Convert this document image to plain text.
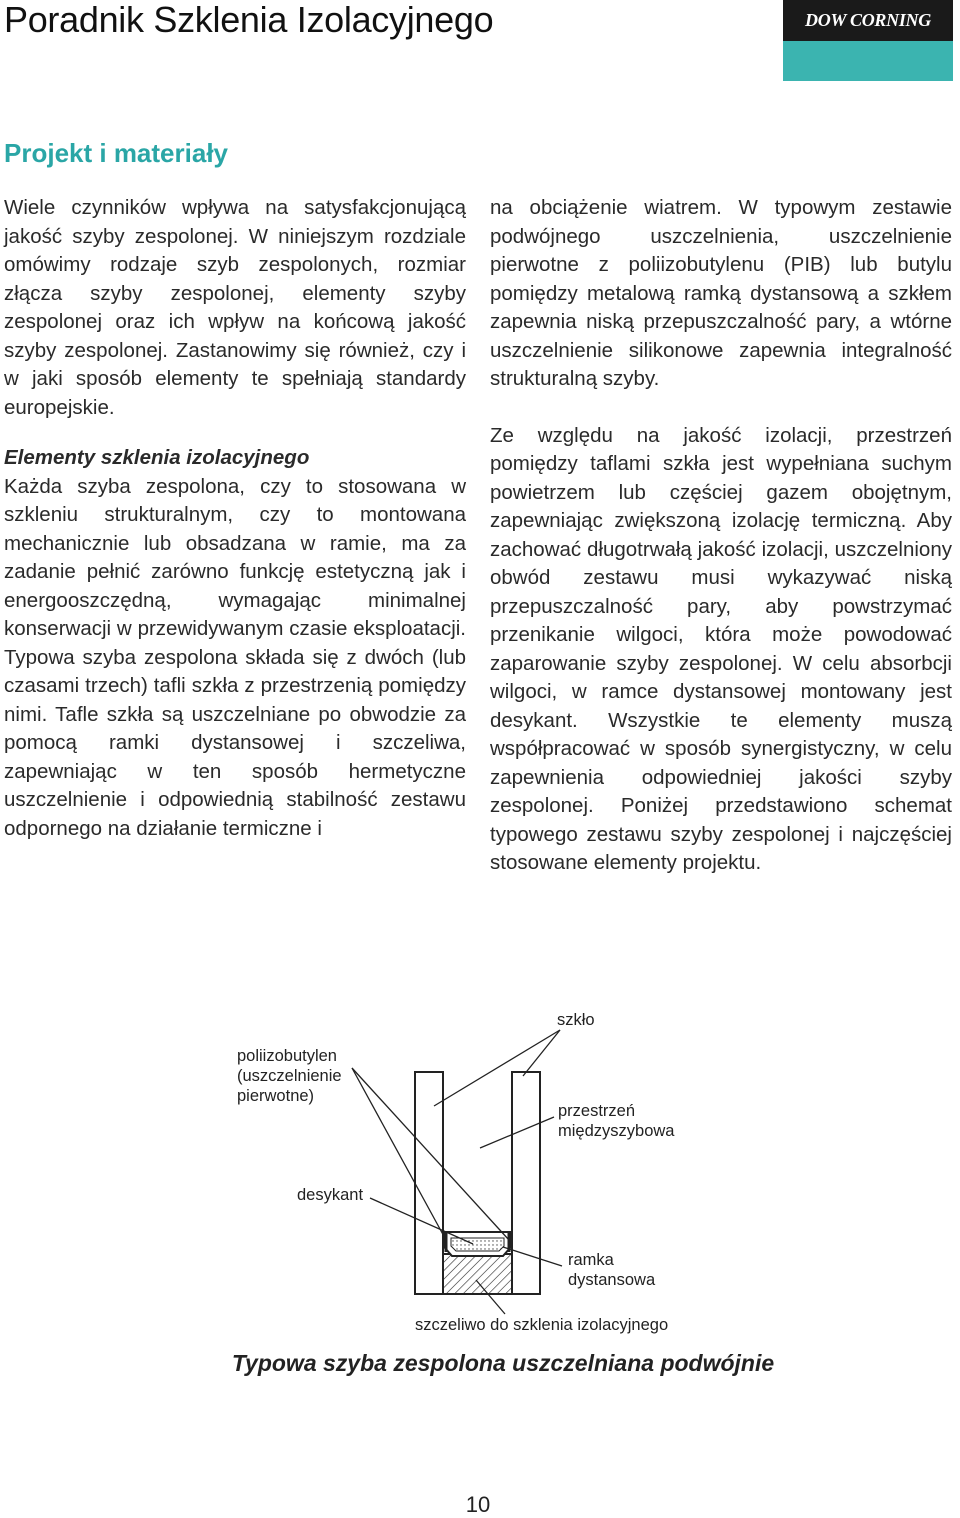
Poradnik Szklenia Izolacyjnego	DOW CORNING
Projekt i materiały

Wiele czynników wpływa na satysfakcjonującą jakość szyby zespolonej. W niniejszym rozdziale omówimy rodzaje szyb zespolonych, rozmiar złącza szyby zespolonej, elementy szyby zespolonej oraz ich wpływ na końcową jakość szyby zespolonej. Zastanowimy się również, czy i w jaki sposób elementy te spełniają standardy europejskie.

Elementy szklenia izolacyjnego

Każda szyba zespolona, czy to stosowana w szkleniu strukturalnym, czy to montowana mechanicznie lub obsadzana w ramie, ma za zadanie pełnić zarówno funkcję estetyczną jak i energooszczędną, wymagając minimalnej konserwacji w przewidywanym czasie eksploatacji. Typowa szyba zespolona składa się z dwóch (lub czasami trzech) tafli szkła z przestrzenią pomiędzy nimi. Tafle szkła są uszczelniane po obwodzie za pomocą ramki dystansowej i szczeliwa, zapewniając w ten sposób hermetyczne uszczelnienie i odpowiednią stabilność zestawu odpornego na działanie termiczne i

na obciążenie wiatrem. W typowym zestawie podwójnego uszczelnienia, uszczelnienie pierwotne z poliizobutylenu (PIB) lub butylu pomiędzy metalową ramką dystansową a szkłem zapewnia niską przepuszczalność pary, a wtórne uszczelnienie silikonowe zapewnia integralność strukturalną szyby.

Ze względu na jakość izolacji, przestrzeń pomiędzy taflami szkła jest wypełniana suchym powietrzem lub częściej gazem obojętnym, zapewniając zwiększoną izolację termiczną. Aby zachować długotrwałą jakość izolacji, uszczelniony obwód zestawu musi wykazywać niską przepuszczalność pary, aby powstrzymać przenikanie wilgoci, która może powodować zaparowanie szyby zespolonej. W celu absorbcji wilgoci, w ramce dystansowej montowany jest desykant. Wszystkie te elementy muszą współpracować w sposób synergistyczny, w celu zapewnienia odpowiedniej jakości szyby zespolonej. Poniżej przedstawiono schemat typowego zestawu szyby zespolonej i najczęściej stosowane elementy projektu.

szkło
poliizobutylen
(uszczelnienie
pierwotne)
przestrzeń
międzyszybowa
desykant
ramka
dystansowa
szczeliwo do szklenia izolacyjnego

Typowa szyba zespolona uszczelniana podwójnie

10
